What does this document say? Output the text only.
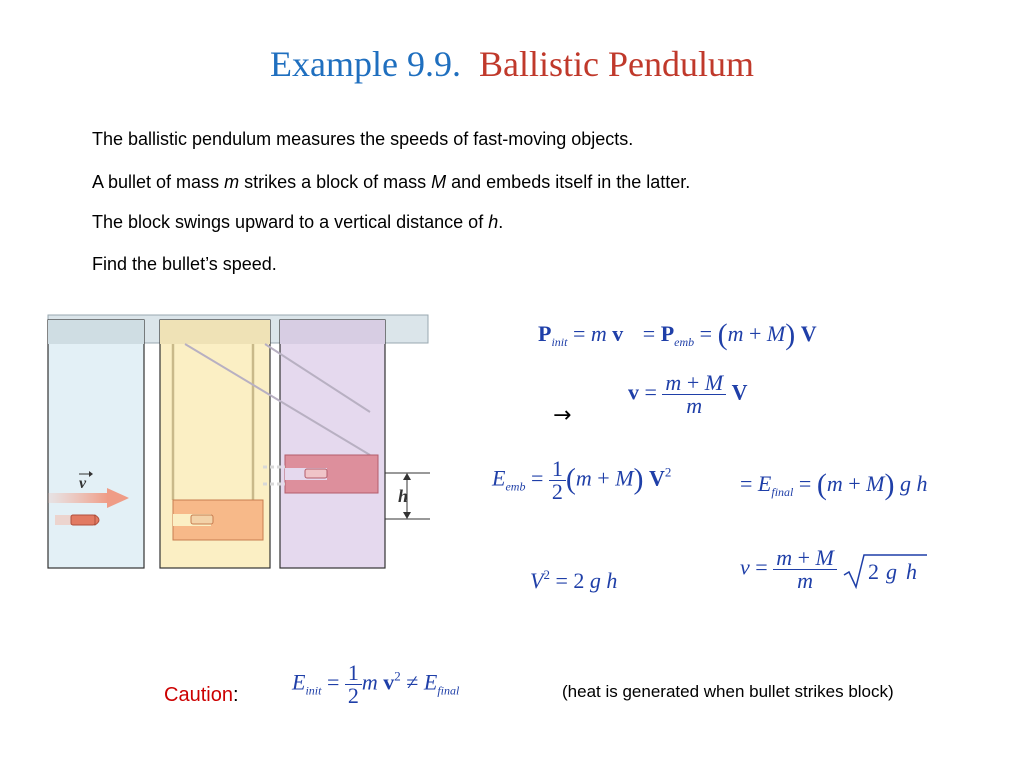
Example 9.9. Ballistic Pendulum

The ballistic pendulum measures the speeds of fast-moving objects.

A bullet of mass m strikes a block of mass M and embeds itself in the latter.

The block swings upward to a vertical distance of h.

Find the bullet’s speed.

v
h
$P_{init} = m$ $v = P_{emb} = (m + M)$ V
→
$v = \frac{m + M}{m}$ V
$E_{emb} = \frac{1}{2} (m + M)$ $V^2$	= $E_{final} = (m + M)$ g h
$V^2 = 2$ g h
$v = \frac{m + M}{m}$
2 g h
Caution:
$E_{init} = \frac{1}{2}$ m $v^2 \ne E_{final}$	(heat is generated when bullet strikes block)
